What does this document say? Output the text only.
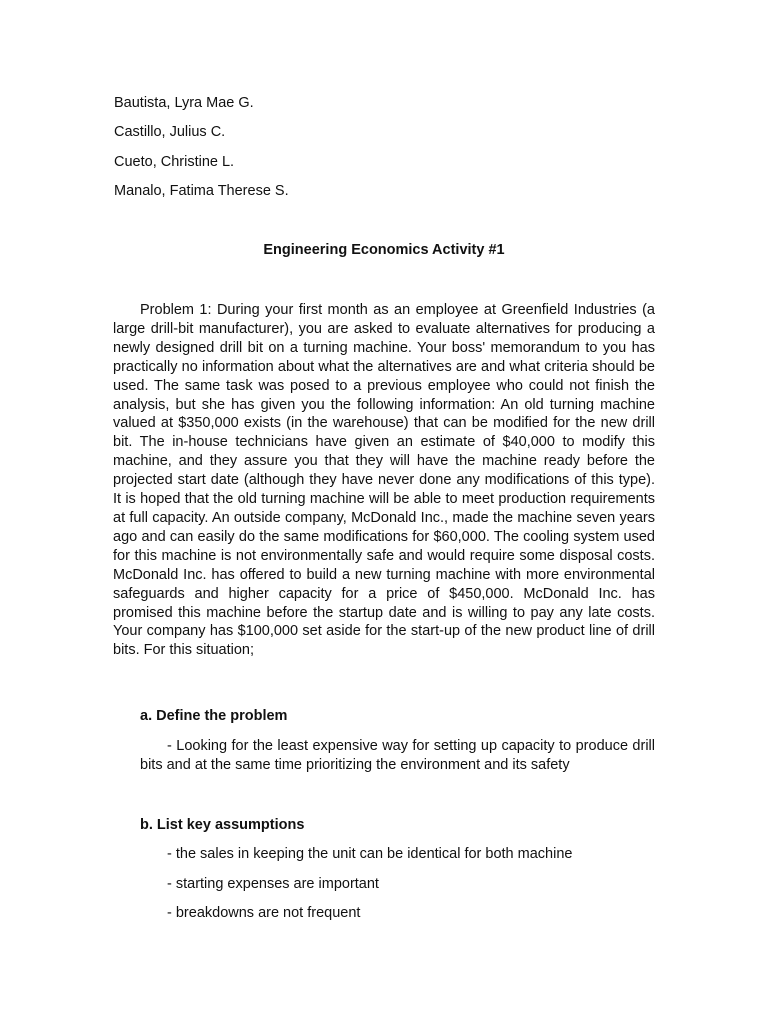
Bautista, Lyra Mae G.
Castillo, Julius C.
Cueto, Christine L.
Manalo, Fatima Therese S.
Engineering Economics Activity #1

Problem 1: During your first month as an employee at Greenfield Industries (a large drill-bit manufacturer), you are asked to evaluate alternatives for producing a newly designed drill bit on a turning machine. Your boss' memorandum to you has practically no information about what the alternatives are and what criteria should be used. The same task was posed to a previous employee who could not finish the analysis, but she has given you the following information: An old turning machine valued at $350,000 exists (in the warehouse) that can be modified for the new drill bit. The in-house technicians have given an estimate of $40,000 to modify this machine, and they assure you that they will have the machine ready before the projected start date (although they have never done any modifications of this type). It is hoped that the old turning machine will be able to meet production requirements at full capacity. An outside company, McDonald Inc., made the machine seven years ago and can easily do the same modifications for $60,000. The cooling system used for this machine is not environmentally safe and would require some disposal costs. McDonald Inc. has offered to build a new turning machine with more environmental safeguards and higher capacity for a price of $450,000. McDonald Inc. has promised this machine before the startup date and is willing to pay any late costs. Your company has $100,000 set aside for the start-up of the new product line of drill bits. For this situation;

a. Define the problem

- Looking for the least expensive way for setting up capacity to produce drill bits and at the same time prioritizing the environment and its safety

b. List key assumptions
- the sales in keeping the unit can be identical for both machine
- starting expenses are important
- breakdowns are not frequent
